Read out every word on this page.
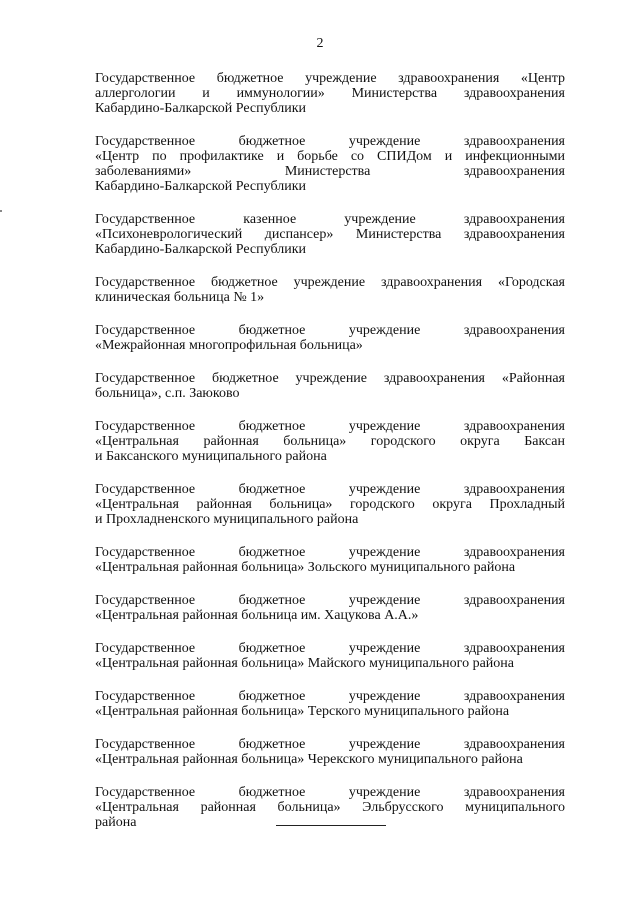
2
Государственное бюджетное учреждение здравоохранения «Центр
аллергологии и иммунологии» Министерства здравоохранения
Кабардино-Балкарской Республики
Государственное бюджетное учреждение здравоохранения
«Центр по профилактике и борьбе со СПИДом и инфекционными
заболеваниями» Министерства здравоохранения
Кабардино-Балкарской Республики
Государственное казенное учреждение здравоохранения
«Психоневрологический диспансер» Министерства здравоохранения
Кабардино-Балкарской Республики
Государственное бюджетное учреждение здравоохранения «Городская
клиническая больница № 1»
Государственное бюджетное учреждение здравоохранения
«Межрайонная многопрофильная больница»
Государственное бюджетное учреждение здравоохранения «Районная
больница», с.п. Заюково
Государственное бюджетное учреждение здравоохранения
«Центральная районная больница» городского округа Баксан
и Баксанского муниципального района
Государственное бюджетное учреждение здравоохранения
«Центральная районная больница» городского округа Прохладный
и Прохладненского муниципального района
Государственное бюджетное учреждение здравоохранения
«Центральная районная больница» Зольского муниципального района
Государственное бюджетное учреждение здравоохранения
«Центральная районная больница им. Хацукова А.А.»
Государственное бюджетное учреждение здравоохранения
«Центральная районная больница» Майского муниципального района
Государственное бюджетное учреждение здравоохранения
«Центральная районная больница» Терского муниципального района
Государственное бюджетное учреждение здравоохранения
«Центральная районная больница» Черекского муниципального района
Государственное бюджетное учреждение здравоохранения
«Центральная районная больница» Эльбрусского муниципального
района
